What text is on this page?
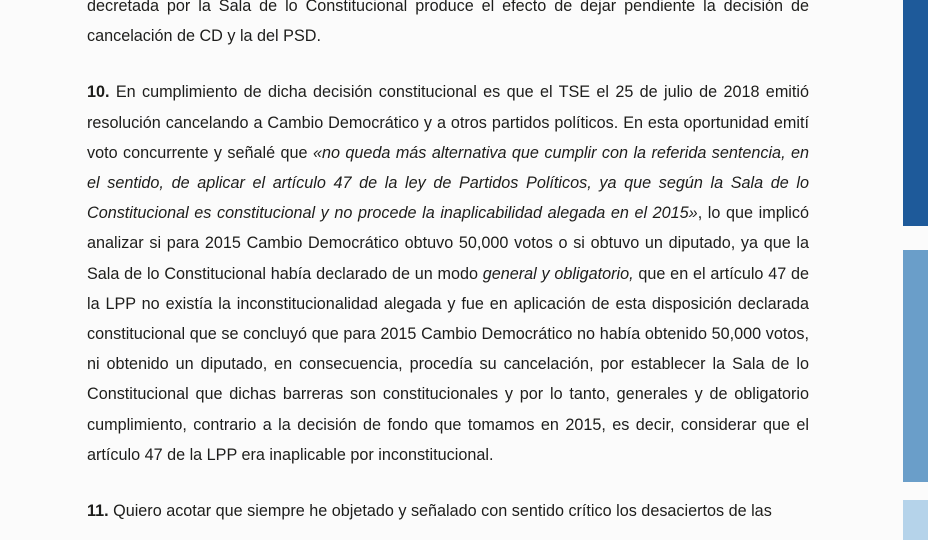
decretada por la Sala de lo Constitucional produce el efecto de dejar pendiente la decisión de cancelación de CD y la del PSD.

10. En cumplimiento de dicha decisión constitucional es que el TSE el 25 de julio de 2018 emitió resolución cancelando a Cambio Democrático y a otros partidos políticos. En esta oportunidad emití voto concurrente y señalé que «no queda más alternativa que cumplir con la referida sentencia, en el sentido, de aplicar el artículo 47 de la ley de Partidos Políticos, ya que según la Sala de lo Constitucional es constitucional y no procede la inaplicabilidad alegada en el 2015», lo que implicó analizar si para 2015 Cambio Democrático obtuvo 50,000 votos o si obtuvo un diputado, ya que la Sala de lo Constitucional había declarado de un modo general y obligatorio, que en el artículo 47 de la LPP no existía la inconstitucionalidad alegada y fue en aplicación de esta disposición declarada constitucional que se concluyó que para 2015 Cambio Democrático no había obtenido 50,000 votos, ni obtenido un diputado, en consecuencia, procedía su cancelación, por establecer la Sala de lo Constitucional que dichas barreras son constitucionales y por lo tanto, generales y de obligatorio cumplimiento, contrario a la decisión de fondo que tomamos en 2015, es decir, considerar que el artículo 47 de la LPP era inaplicable por inconstitucional.

11. Quiero acotar que siempre he objetado y señalado con sentido crítico los desaciertos de las
